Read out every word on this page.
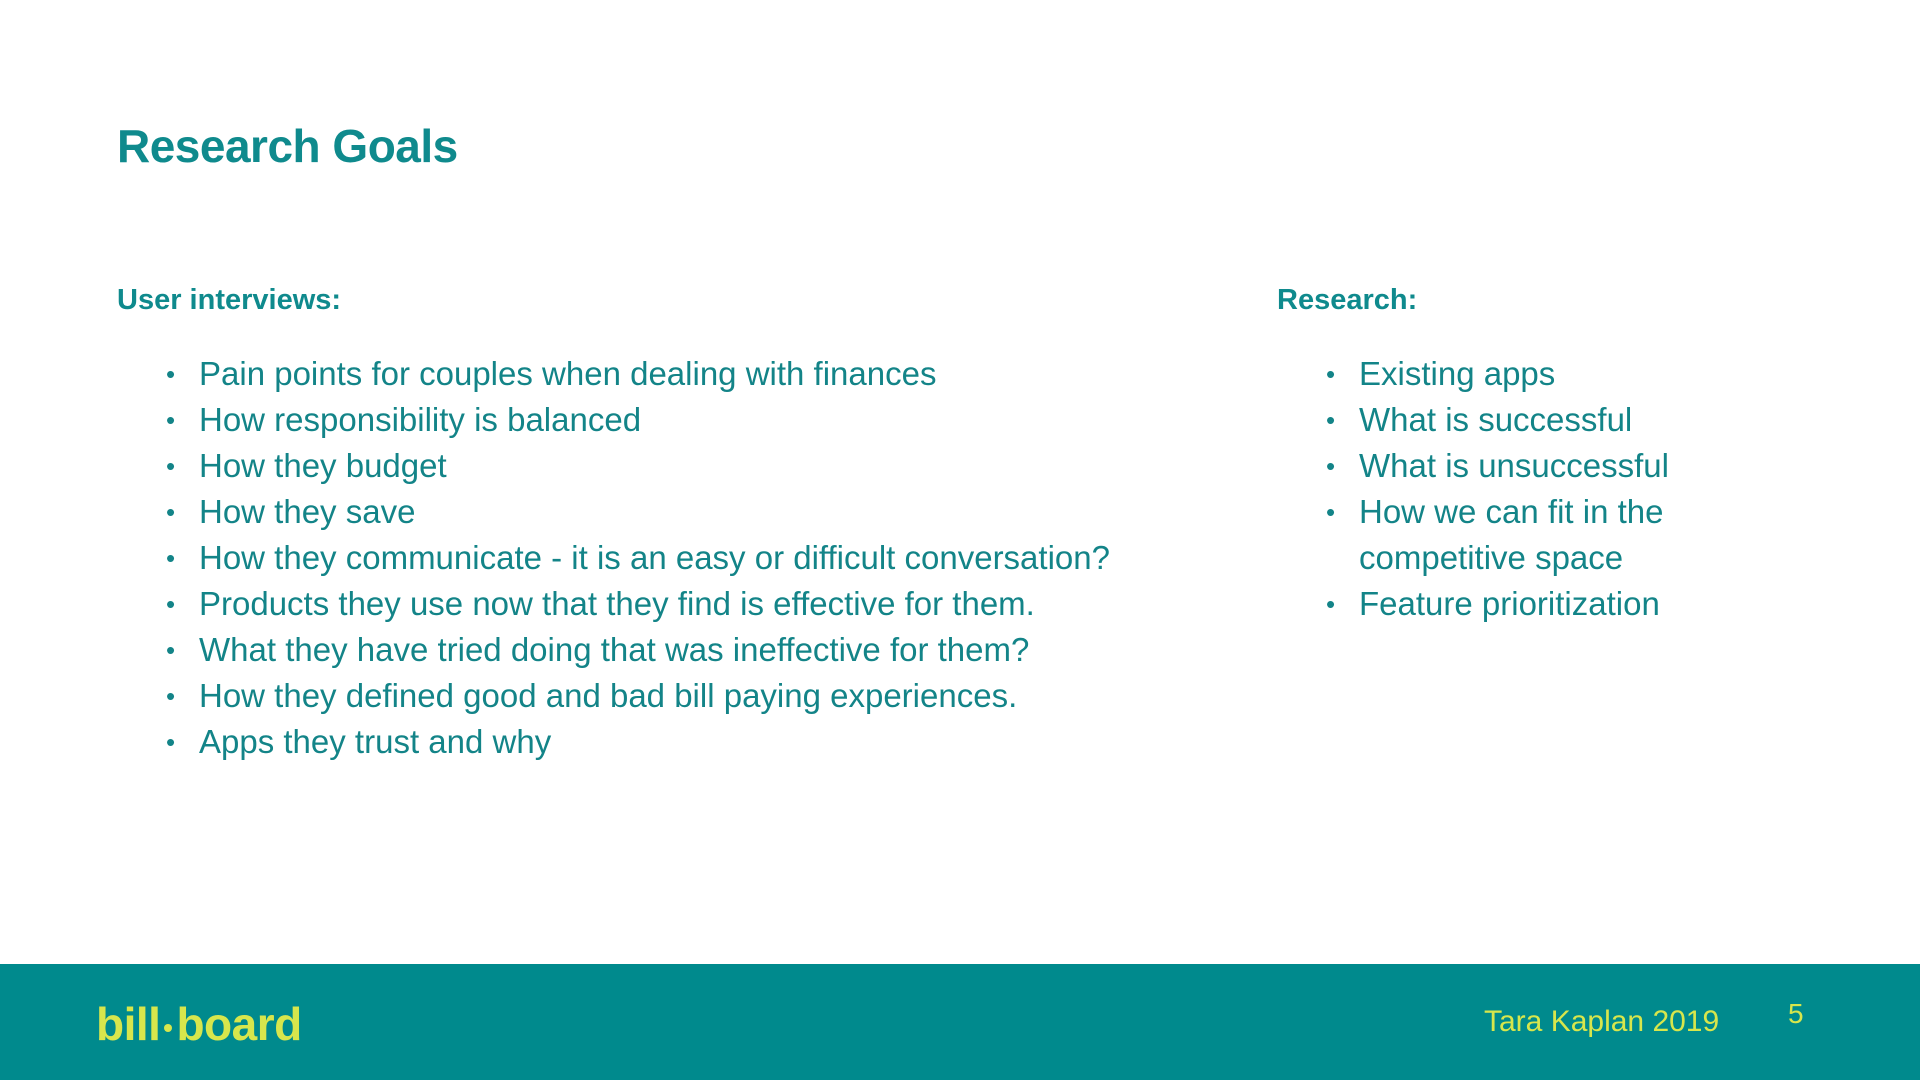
Research Goals
User interviews:
• Pain points for couples when dealing with finances
• How responsibility is balanced
• How they budget
• How they save
• How they communicate - it is an easy or difficult conversation?
• Products they use now that they find is effective for them.
• What they have tried doing that was ineffective for them?
• How they defined good and bad bill paying experiences.
• Apps they trust and why
Research:
• Existing apps
• What is successful
• What is unsuccessful
• How we can fit in the competitive space
• Feature prioritization
bill board	Tara Kaplan 2019 5
